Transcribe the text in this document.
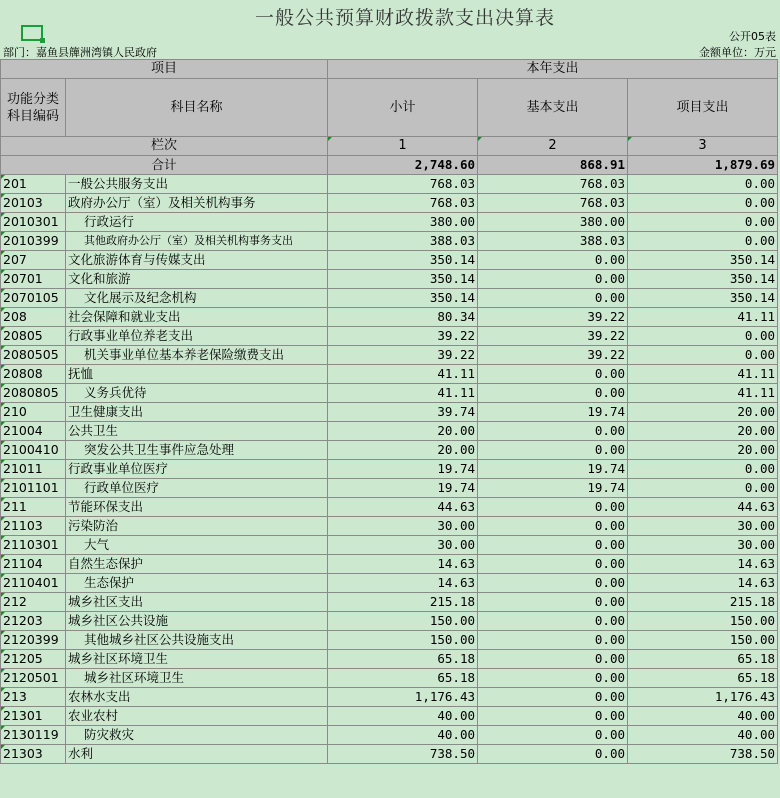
一般公共预算财政拨款支出决算表
公开05表
部门：嘉鱼县簰洲湾镇人民政府	金额单位：万元
项目		本年支出		
功能分类科目编码	科目名称	小计	基本支出	项目支出
栏次		1	2	3
合计		2,748.60	868.91	1,879.69
201	一般公共服务支出	768.03	768.03	0.00
20103	政府办公厅（室）及相关机构事务	768.03	768.03	0.00
2010301	行政运行	380.00	380.00	0.00
2010399	其他政府办公厅（室）及相关机构事务支出	388.03	388.03	0.00
207	文化旅游体育与传媒支出	350.14	0.00	350.14
20701	文化和旅游	350.14	0.00	350.14
2070105	文化展示及纪念机构	350.14	0.00	350.14
208	社会保障和就业支出	80.34	39.22	41.11
20805	行政事业单位养老支出	39.22	39.22	0.00
2080505	机关事业单位基本养老保险缴费支出	39.22	39.22	0.00
20808	抚恤	41.11	0.00	41.11
2080805	义务兵优待	41.11	0.00	41.11
210	卫生健康支出	39.74	19.74	20.00
21004	公共卫生	20.00	0.00	20.00
2100410	突发公共卫生事件应急处理	20.00	0.00	20.00
21011	行政事业单位医疗	19.74	19.74	0.00
2101101	行政单位医疗	19.74	19.74	0.00
211	节能环保支出	44.63	0.00	44.63
21103	污染防治	30.00	0.00	30.00
2110301	大气	30.00	0.00	30.00
21104	自然生态保护	14.63	0.00	14.63
2110401	生态保护	14.63	0.00	14.63
212	城乡社区支出	215.18	0.00	215.18
21203	城乡社区公共设施	150.00	0.00	150.00
2120399	其他城乡社区公共设施支出	150.00	0.00	150.00
21205	城乡社区环境卫生	65.18	0.00	65.18
2120501	城乡社区环境卫生	65.18	0.00	65.18
213	农林水支出	1,176.43	0.00	1,176.43
21301	农业农村	40.00	0.00	40.00
2130119	防灾救灾	40.00	0.00	40.00
21303	水利	738.50	0.00	738.50
